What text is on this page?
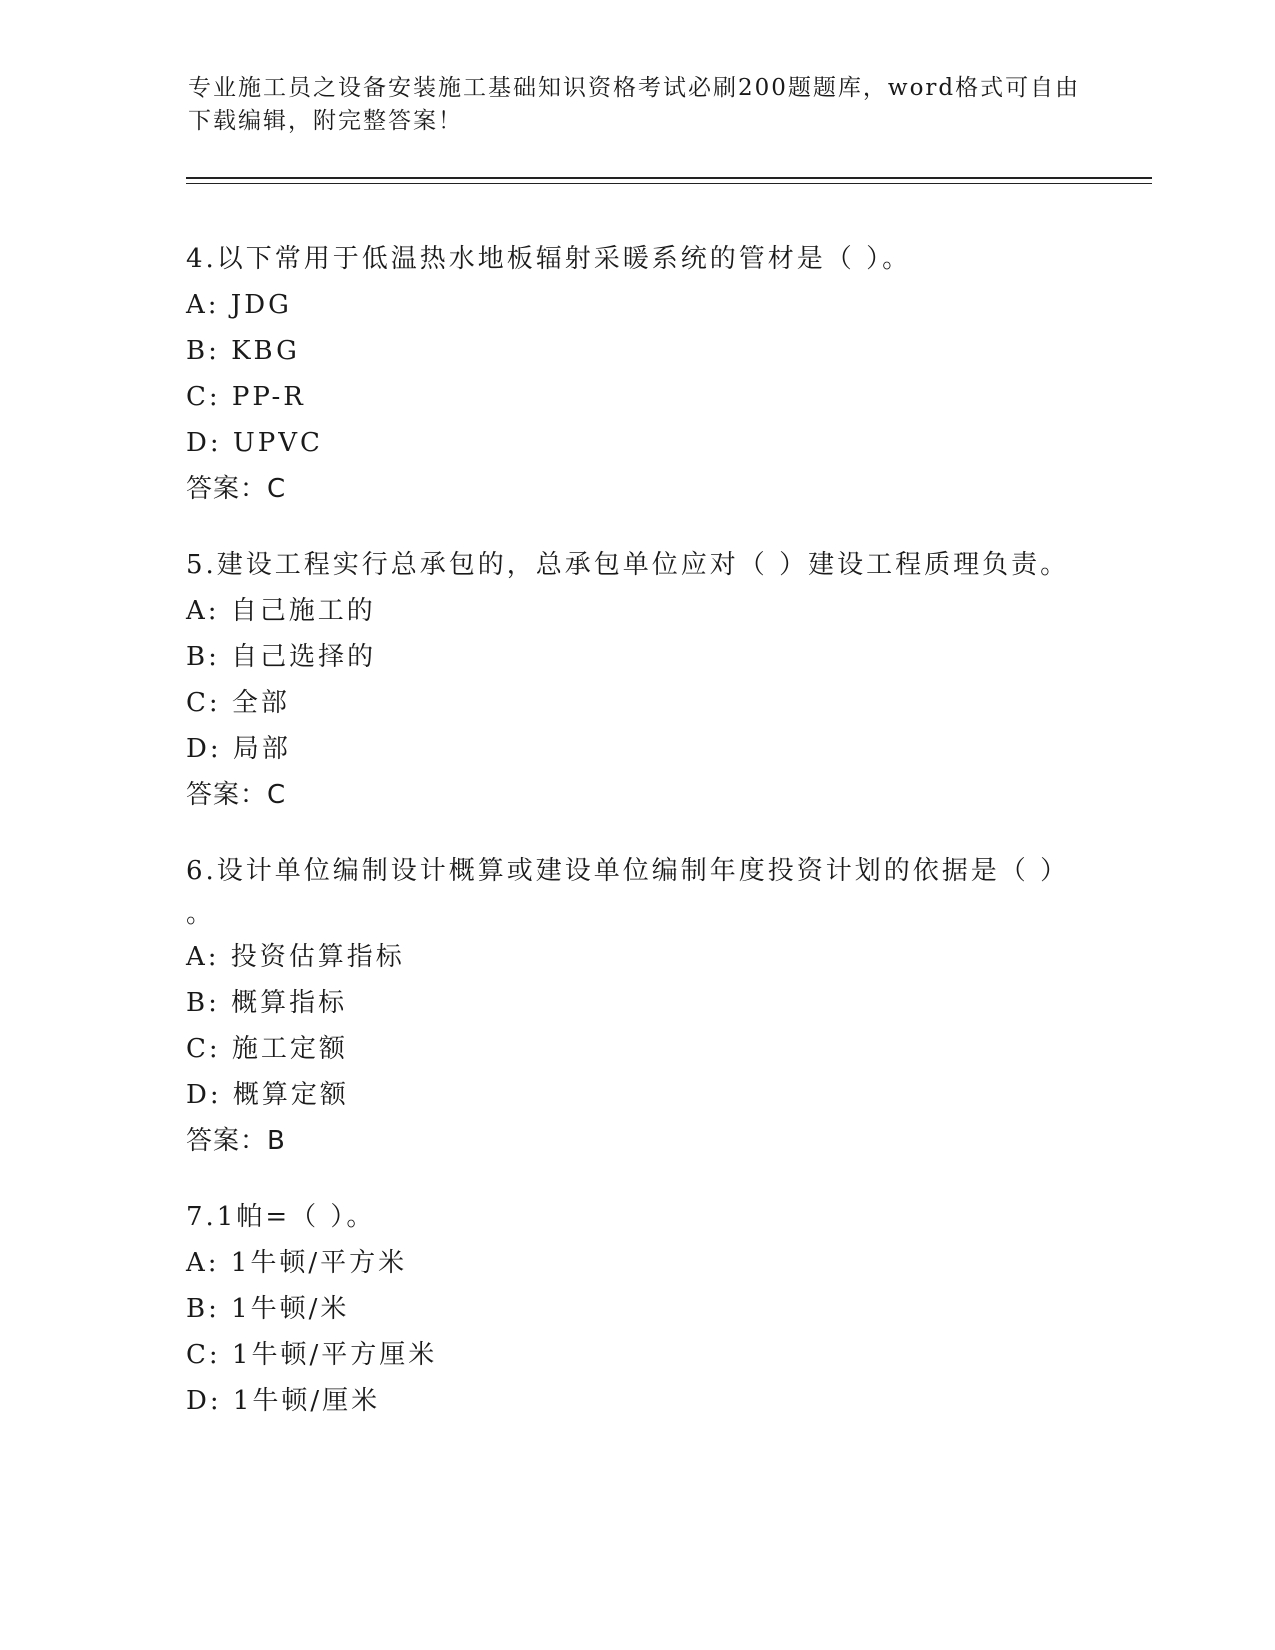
专业施工员之设备安装施工基础知识资格考试必刷200题题库，word格式可自由
下载编辑，附完整答案！
4.以下常用于低温热水地板辐射采暖系统的管材是（ ）。
A: JDG
B: KBG
C: PP-R
D: UPVC
答案：C
5.建设工程实行总承包的，总承包单位应对（ ）建设工程质理负责。
A: 自己施工的
B: 自己选择的
C: 全部
D: 局部
答案：C
6.设计单位编制设计概算或建设单位编制年度投资计划的依据是（ ）
。
A: 投资估算指标
B: 概算指标
C: 施工定额
D: 概算定额
答案：B
7.1帕=（ ）。
A: 1牛顿/平方米
B: 1牛顿/米
C: 1牛顿/平方厘米
D: 1牛顿/厘米
